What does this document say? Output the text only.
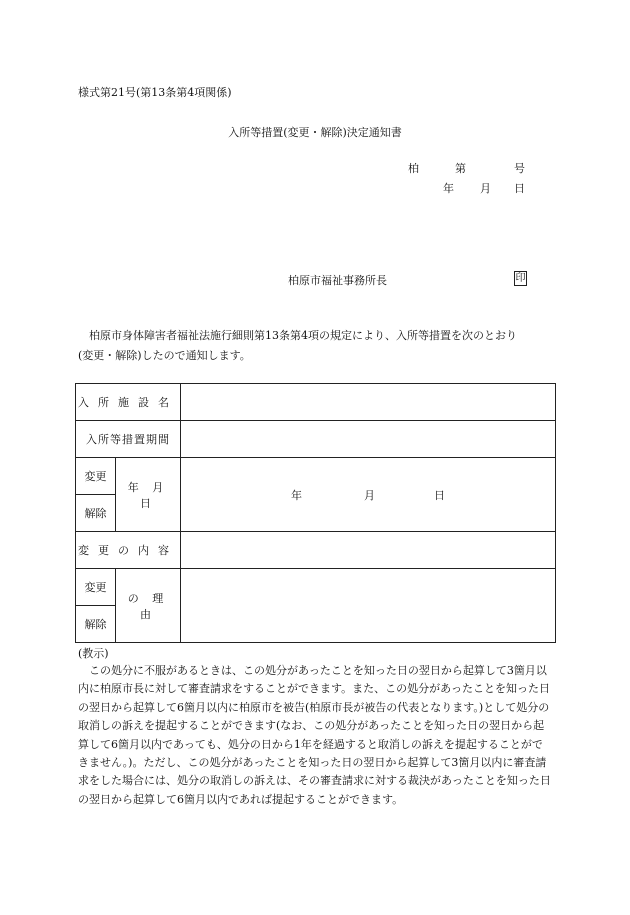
様式第21号(第13条第4項関係)
入所等措置(変更・解除)決定通知書
柏	第	号
年 月 日
柏原市福祉事務所長	印

柏原市身体障害者福祉法施行細則第13条第4項の規定により、入所等措置を次のとおり

(変更・解除)したので通知します。

入所施設名		
入所等措置期間		
変更	年 月 日	年 月 日

解除		
変更の内容		
変更	の 理 由	
解除		
(教示)
この処分に不服があるときは、この処分があったことを知った日の翌日から起算して3箇月以内に柏原市長に対して審査請求をすることができます。また、この処分があったことを知った日の翌日から起算して6箇月以内に柏原市を被告(柏原市長が被告の代表となります。)として処分の取消しの訴えを提起することができます(なお、この処分があったことを知った日の翌日から起算して6箇月以内であっても、処分の日から1年を経過すると取消しの訴えを提起することができません。)。ただし、この処分があったことを知った日の翌日から起算して3箇月以内に審査請求をした場合には、処分の取消しの訴えは、その審査請求に対する裁決があったことを知った日の翌日から起算して6箇月以内であれば提起することができます。
